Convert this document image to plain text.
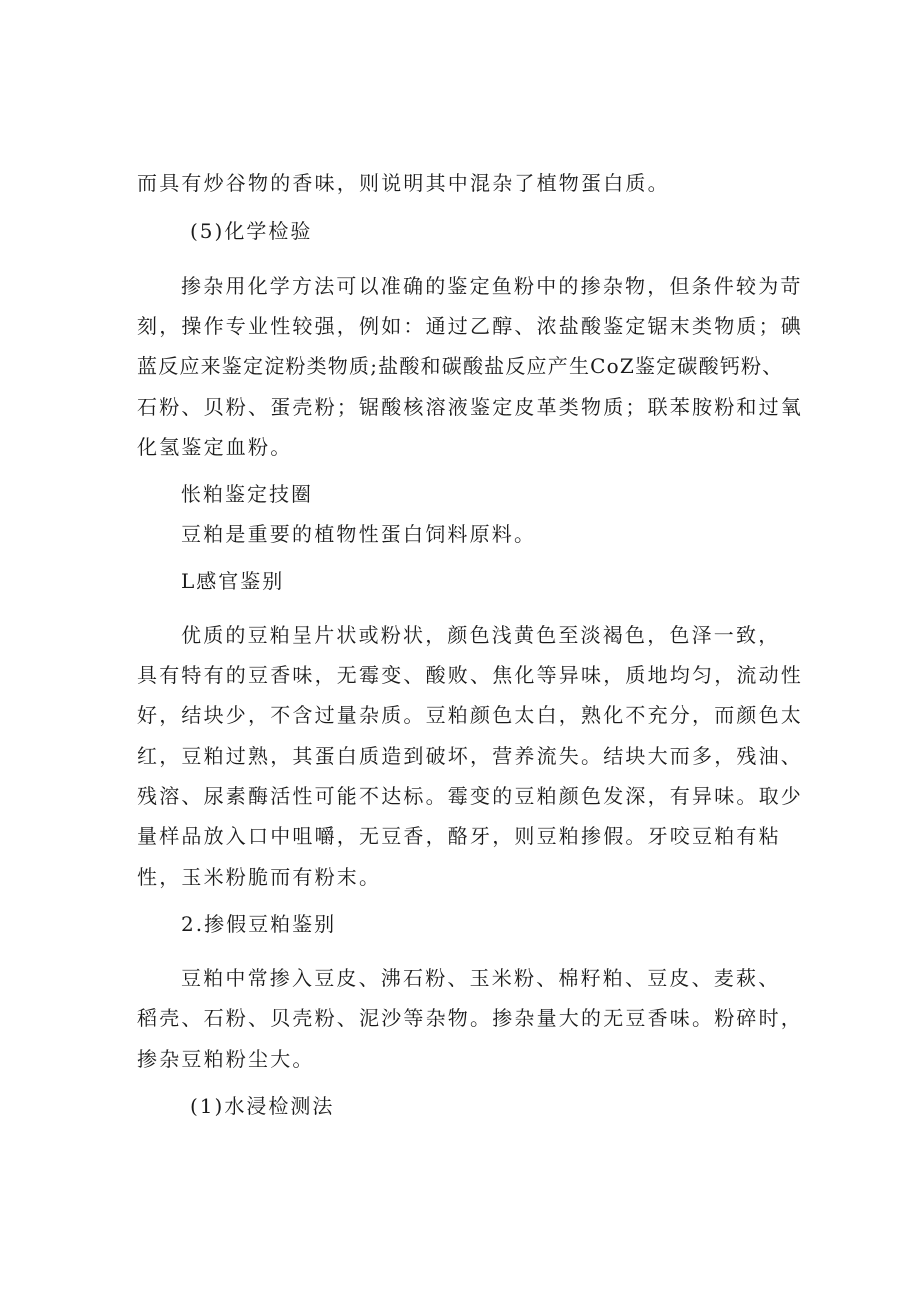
而具有炒谷物的香味，则说明其中混杂了植物蛋白质。
(5)化学检验
掺杂用化学方法可以准确的鉴定鱼粉中的掺杂物，但条件较为苛
刻，操作专业性较强，例如：通过乙醇、浓盐酸鉴定锯末类物质；碘
蓝反应来鉴定淀粉类物质;盐酸和碳酸盐反应产生CoZ鉴定碳酸钙粉、
石粉、贝粉、蛋壳粉；锯酸核溶液鉴定皮革类物质；联苯胺粉和过氧
化氢鉴定血粉。
怅粕鉴定技圈
豆粕是重要的植物性蛋白饲料原料。
L感官鉴别
优质的豆粕呈片状或粉状，颜色浅黄色至淡褐色，色泽一致，
具有特有的豆香味，无霉变、酸败、焦化等异味，质地均匀，流动性
好，结块少，不含过量杂质。豆粕颜色太白，熟化不充分，而颜色太
红，豆粕过熟，其蛋白质造到破坏，营养流失。结块大而多，残油、
残溶、尿素酶活性可能不达标。霉变的豆粕颜色发深，有异味。取少
量样品放入口中咀嚼，无豆香，酪牙，则豆粕掺假。牙咬豆粕有粘
性，玉米粉脆而有粉末。
2.掺假豆粕鉴别
豆粕中常掺入豆皮、沸石粉、玉米粉、棉籽粕、豆皮、麦萩、
稻壳、石粉、贝壳粉、泥沙等杂物。掺杂量大的无豆香味。粉碎时，
掺杂豆粕粉尘大。
(1)水浸检测法
